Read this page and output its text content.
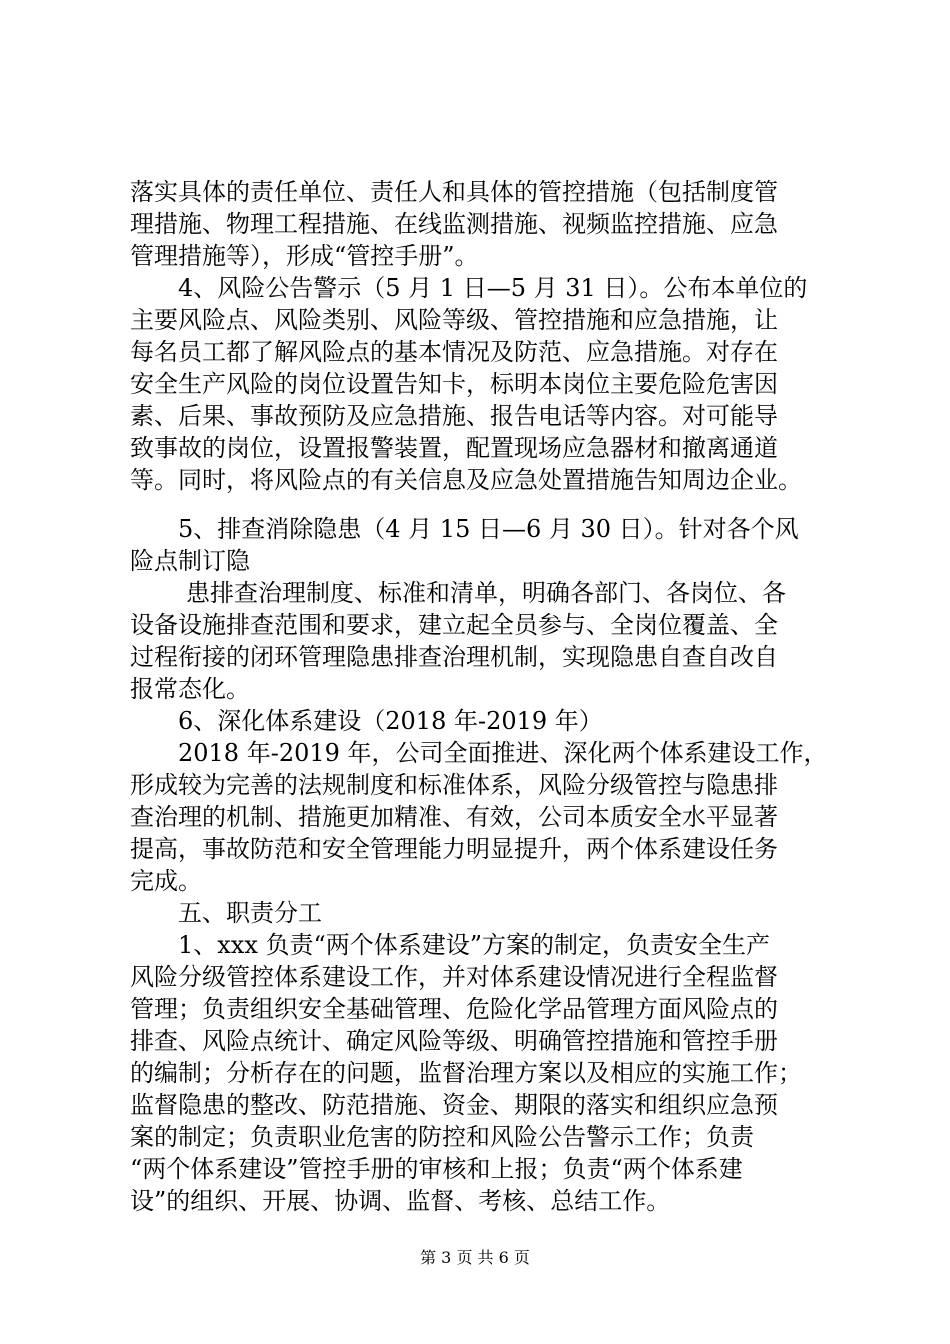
落实具体的责任单位、责任人和具体的管控措施（包括制度管
理措施、物理工程措施、在线监测措施、视频监控措施、应急
管理措施等），形成“管控手册”。
4、风险公告警示（5 月 1 日—5 月 31 日）。公布本单位的
主要风险点、风险类别、风险等级、管控措施和应急措施，让
每名员工都了解风险点的基本情况及防范、应急措施。对存在
安全生产风险的岗位设置告知卡，标明本岗位主要危险危害因
素、后果、事故预防及应急措施、报告电话等内容。对可能导
致事故的岗位，设置报警装置，配置现场应急器材和撤离通道
等。同时，将风险点的有关信息及应急处置措施告知周边企业。
5、排查消除隐患（4 月 15 日—6 月 30 日）。针对各个风
险点制订隐
患排查治理制度、标准和清单，明确各部门、各岗位、各
设备设施排查范围和要求，建立起全员参与、全岗位覆盖、全
过程衔接的闭环管理隐患排查治理机制，实现隐患自查自改自
报常态化。
6、深化体系建设（2018 年-2019 年）
2018 年-2019 年，公司全面推进、深化两个体系建设工作，
形成较为完善的法规制度和标准体系，风险分级管控与隐患排
查治理的机制、措施更加精准、有效，公司本质安全水平显著
提高，事故防范和安全管理能力明显提升，两个体系建设任务
完成。
五、职责分工
1、xxx 负责“两个体系建设”方案的制定，负责安全生产
风险分级管控体系建设工作，并对体系建设情况进行全程监督
管理；负责组织安全基础管理、危险化学品管理方面风险点的
排查、风险点统计、确定风险等级、明确管控措施和管控手册
的编制；分析存在的问题，监督治理方案以及相应的实施工作；
监督隐患的整改、防范措施、资金、期限的落实和组织应急预
案的制定；负责职业危害的防控和风险公告警示工作；负责
“两个体系建设”管控手册的审核和上报；负责“两个体系建
设”的组织、开展、协调、监督、考核、总结工作。
第 3 页 共 6 页
